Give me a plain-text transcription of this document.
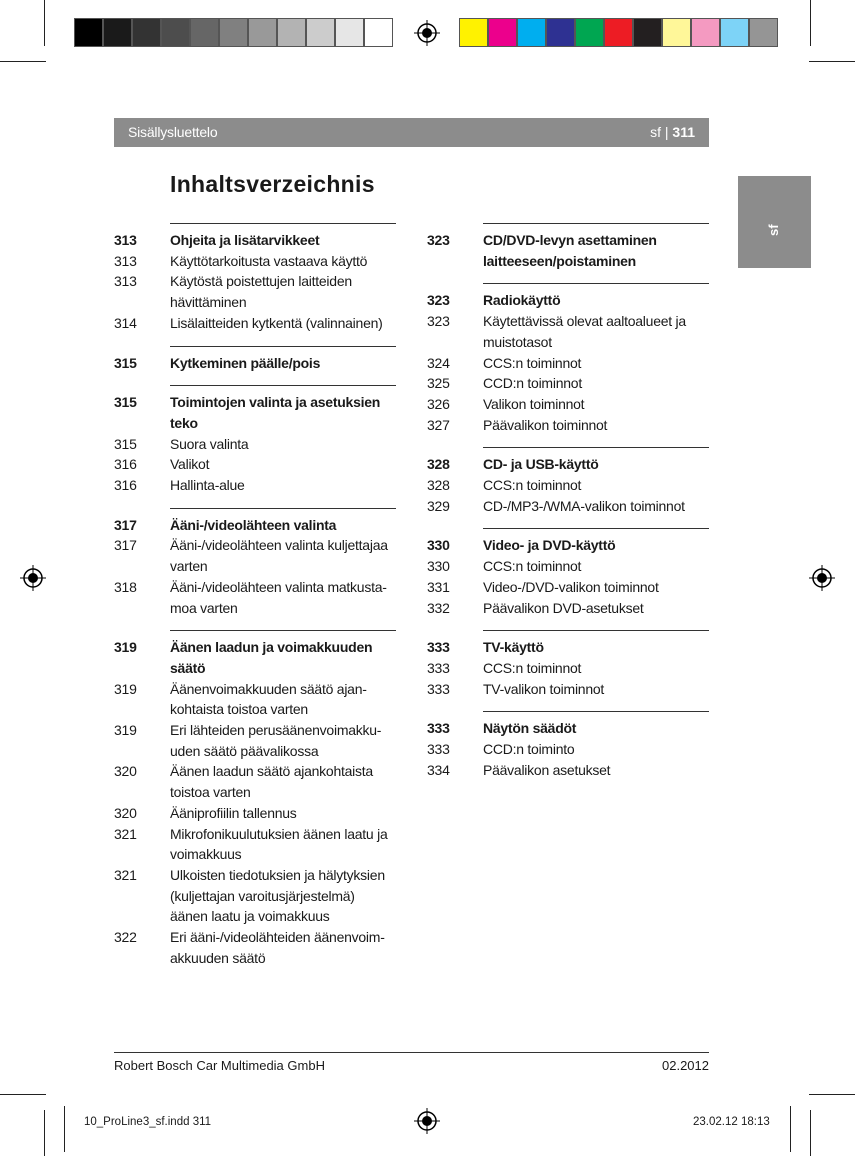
Sisällysluettelo	sf | 311
sf
Inhaltsverzeichnis
313	Ohjeita ja lisätarvikkeet
313	Käyttötarkoitusta vastaava käyttö
313	Käytöstä poistettujen laitteiden hävittäminen
314	Lisälaitteiden kytkentä (valinnainen)
315	Kytkeminen päälle/pois
315	Toimintojen valinta ja asetuksien teko
315	Suora valinta
316	Valikot
316	Hallinta-alue
317	Ääni-/videolähteen valinta
317	Ääni-/videolähteen valinta kuljettajaa varten
318	Ääni-/videolähteen valinta matkusta-moa varten
319	Äänen laadun ja voimakkuuden säätö
319	Äänenvoimakkuuden säätö ajan-kohtaista toistoa varten
319	Eri lähteiden perusäänenvoimakku-uden säätö päävalikossa
320	Äänen laadun säätö ajankohtaista toistoa varten
320	Ääniprofiilin tallennus
321	Mikrofonikuulutuksien äänen laatu ja voimakkuus
321	Ulkoisten tiedotuksien ja hälytyksien (kuljettajan varoitusjärjestelmä) äänen laatu ja voimakkuus
322	Eri ääni-/videolähteiden äänenvoim-akkuuden säätö
323	CD/DVD-levyn asettaminen laitteeseen/poistaminen
323	Radiokäyttö
323	Käytettävissä olevat aaltoalueet ja muistotasot
324	CCS:n toiminnot
325	CCD:n toiminnot
326	Valikon toiminnot
327	Päävalikon toiminnot
328	CD- ja USB-käyttö
328	CCS:n toiminnot
329	CD-/MP3-/WMA-valikon toiminnot
330	Video- ja DVD-käyttö
330	CCS:n toiminnot
331	Video-/DVD-valikon toiminnot
332	Päävalikon DVD-asetukset
333	TV-käyttö
333	CCS:n toiminnot
333	TV-valikon toiminnot
333	Näytön säädöt
333	CCD:n toiminto
334	Päävalikon asetukset
Robert Bosch Car Multimedia GmbH	02.2012
10_ProLine3_sf.indd 311	23.02.12 18:13
